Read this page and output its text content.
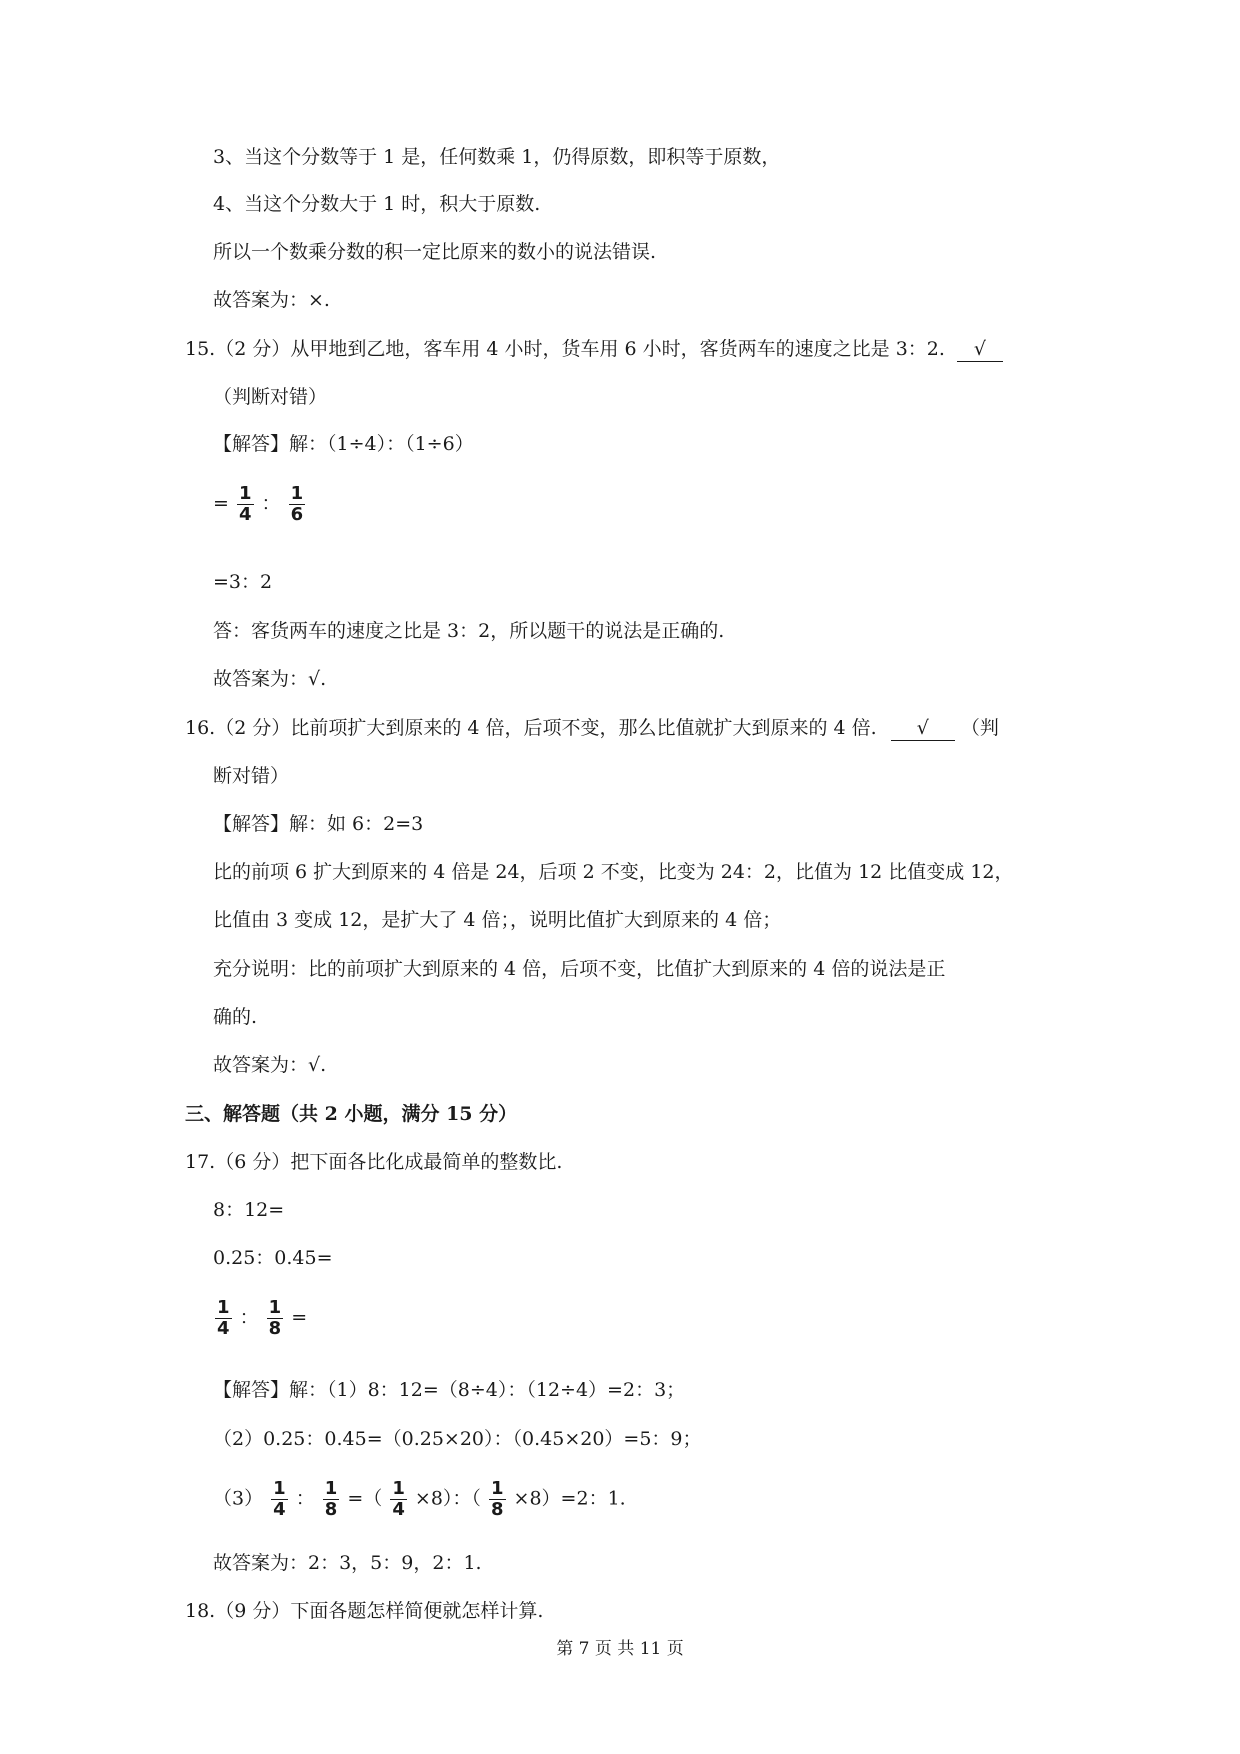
3、当这个分数等于 1 是，任何数乘 1，仍得原数，即积等于原数，
4、当这个分数大于 1 时，积大于原数.
所以一个数乘分数的积一定比原来的数小的说法错误.
故答案为：×.
15.（2 分）从甲地到乙地，客车用 4 小时，货车用 6 小时，客货两车的速度之比是 3：2. √
（判断对错）
【解答】解：（1÷4）：（1÷6）
= $\frac{1}{4}$ ： $\frac{1}{6}$
=3：2
答：客货两车的速度之比是 3：2，所以题干的说法是正确的.
故答案为：√.
16.（2 分）比前项扩大到原来的 4 倍，后项不变，那么比值就扩大到原来的 4 倍. √ （判
断对错）
【解答】解：如 6：2=3
比的前项 6 扩大到原来的 4 倍是 24，后项 2 不变，比变为 24：2，比值为 12 比值变成 12，
比值由 3 变成 12，是扩大了 4 倍；，说明比值扩大到原来的 4 倍；
充分说明：比的前项扩大到原来的 4 倍，后项不变，比值扩大到原来的 4 倍的说法是正
确的.
故答案为：√.
三、解答题（共 2 小题，满分 15 分）
17.（6 分）把下面各比化成最简单的整数比.
8：12=
0.25：0.45=
$\frac{1}{4}$ ： $\frac{1}{8}$ =
【解答】解：（1）8：12=（8÷4）：（12÷4）=2：3；
（2）0.25：0.45=（0.25×20）：（0.45×20）=5：9；
$(3) \frac{1}{4}$ ： $\frac{1}{8}$ =（ $\frac{1}{4} \times 8$）：（ $\frac{1}{8} \times 8)=2$：1.
故答案为：2：3，5：9，2：1.
18.（9 分）下面各题怎样简便就怎样计算.
第 7 页 共 11 页
